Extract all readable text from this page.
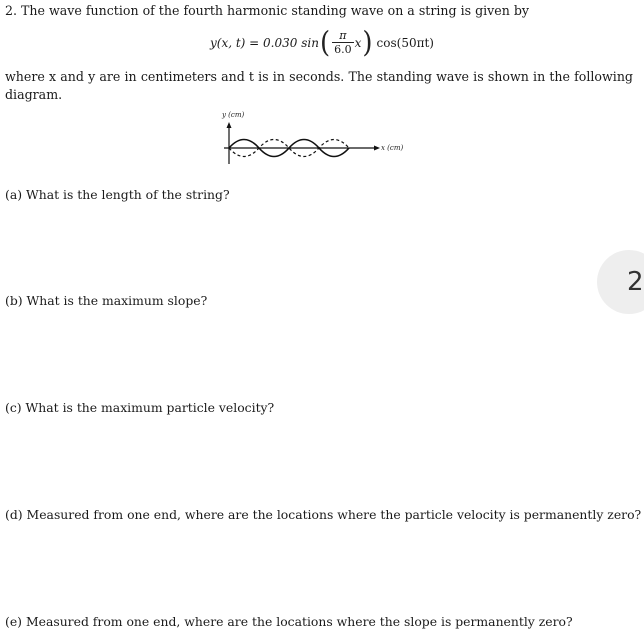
2. The wave function of the fourth harmonic standing wave on a string is given by
y(x, t) = 0.030 sin ( $\frac{\pi}{6.0}$ x ) cos(50πt)
where x and y are in centimeters and t is in seconds. The standing wave is shown in the following diagram.
y (cm)
x (cm)
(a) What is the length of the string?
(b) What is the maximum slope?
(c) What is the maximum particle velocity?
(d) Measured from one end, where are the locations where the particle velocity is permanently zero?
(e) Measured from one end, where are the locations where the slope is permanently zero?
2
